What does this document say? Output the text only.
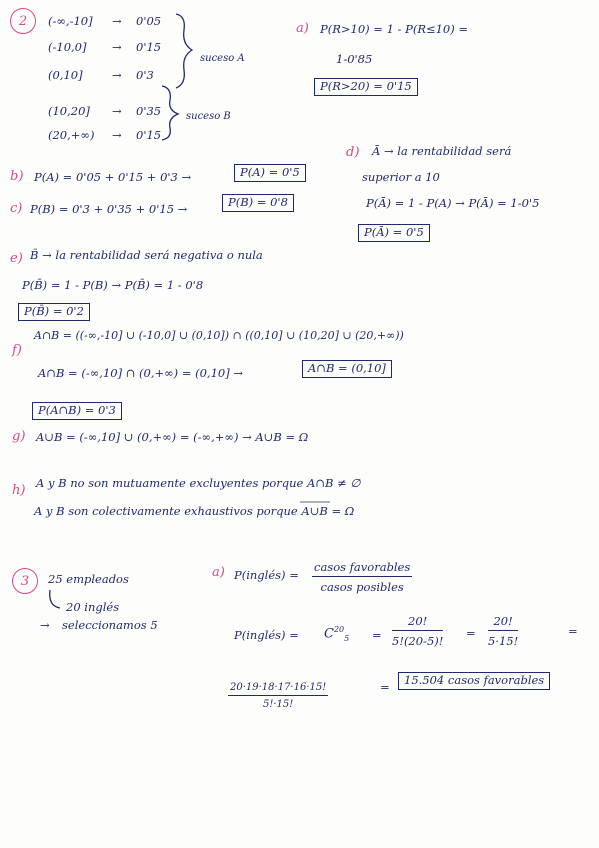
2 (-∞,-10] → 0'05
(-10,0] → 0'15
(0,10]	→ 0'3
(10,20] → 0'35
(20,+∞) → 0'15
suceso A
suceso B
a) P(R>10) = 1 - P(R≤10) =
1-0'85
P(R>20) = 0'15
b) P(A) = 0'05 + 0'15 + 0'3 →	P(A) = 0'5
c) P(B) = 0'3 + 0'35 + 0'15 →	P(B) = 0'8
d) Ā → la rentabilidad será
superior a 10
P(Ā) = 1 - P(A) → P(Ā) = 1-0'5
P(Ā) = 0'5
e) B̄ → la rentabilidad será negativa o nula
P(B̄) = 1 - P(B) → P(B̄) = 1 - 0'8
P(B̄) = 0'2
f)
A∩B = ((-∞,-10] ∪ (-10,0] ∪ (0,10]) ∩ ((0,10] ∪ (10,20] ∪ (20,+∞))
A∩B = (-∞,10] ∩ (0,+∞) = (0,10] →	A∩B = (0,10]
P(A∩B) = 0'3
g) A∪B = (-∞,10] ∪ (0,+∞) = (-∞,+∞) → A∪B = Ω
h) A y B no son mutuamente excluyentes porque A∩B ≠ ∅
A y B son colectivamente exhaustivos porque A∪B = Ω
3 25 empleados
20 inglés
seleccionamos 5
→
a) P(inglés) =
casos favorables
casos posibles
P(inglés) = $C^{20}_5 = \frac{20!}{5!(20-5)!} = \frac{20!}{5\cdot 15!}$	=
$\frac{20\cdot 19\cdot 18\cdot 17\cdot 16\cdot 15!}{5!\cdot 15!}$	=	15.504 casos favorables
